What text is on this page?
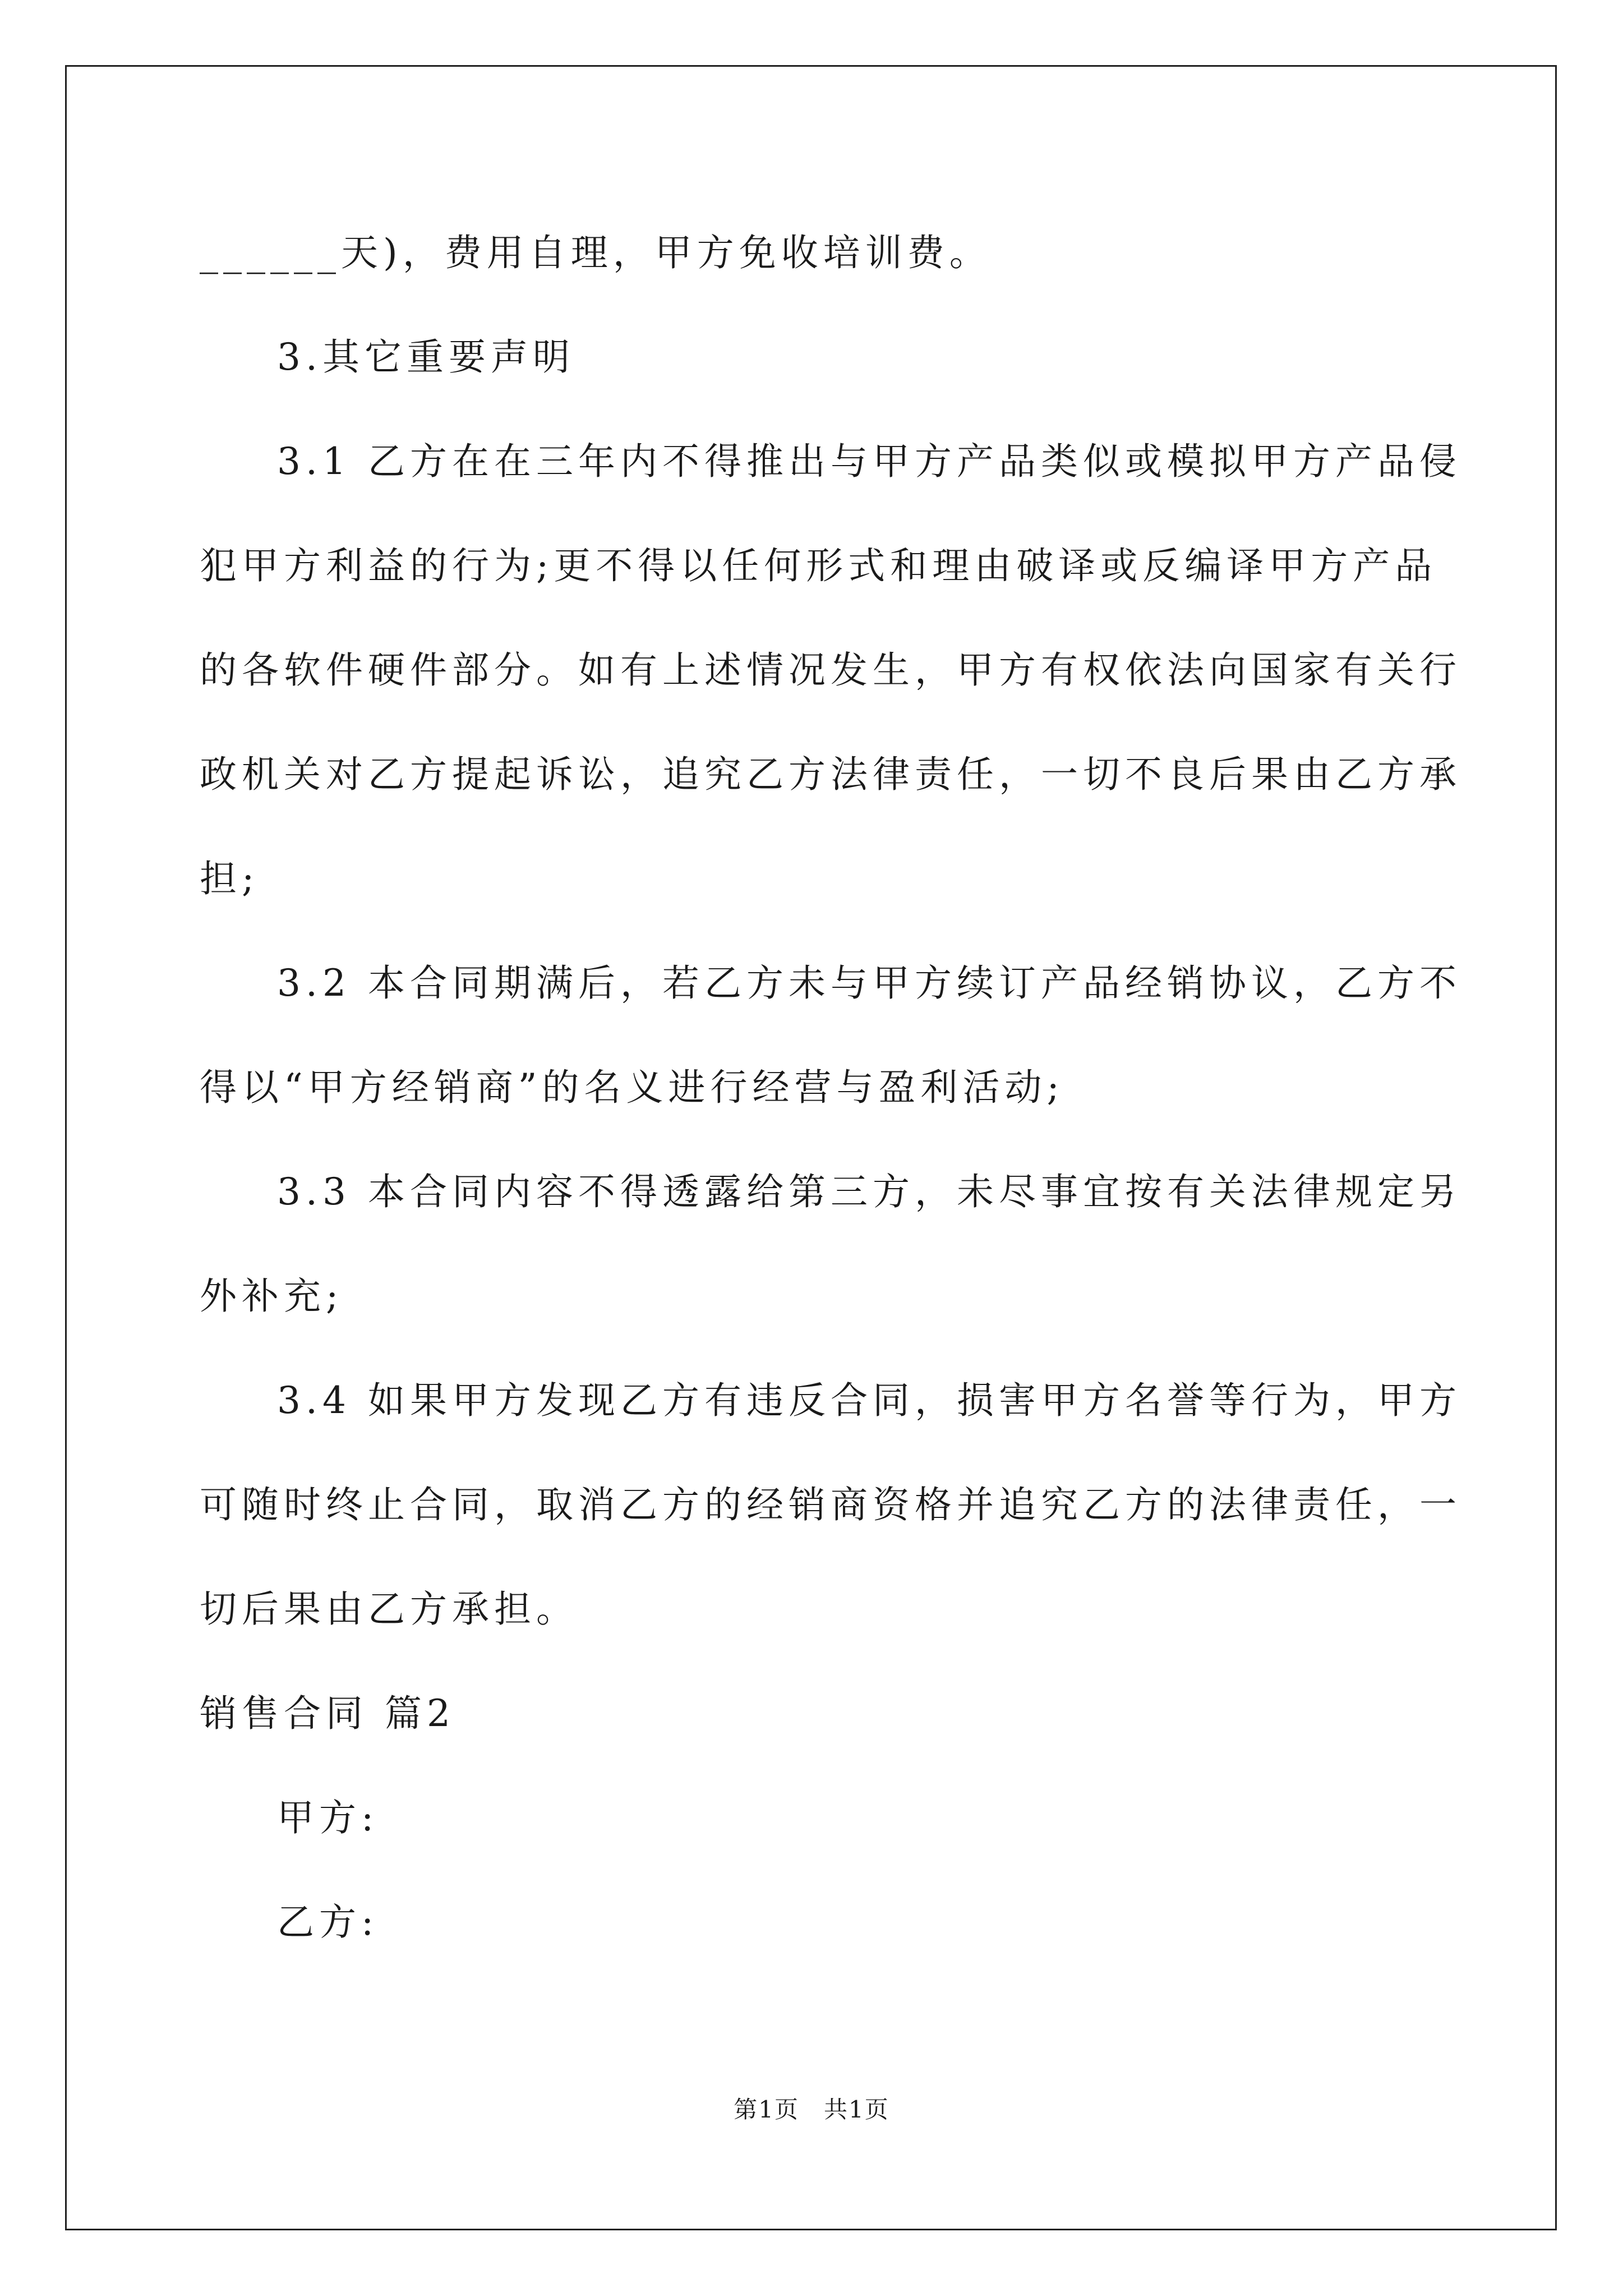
______天)，费用自理，甲方免收培训费。
3.其它重要声明
3.1 乙方在在三年内不得推出与甲方产品类似或模拟甲方产品侵
犯甲方利益的行为;更不得以任何形式和理由破译或反编译甲方产品
的各软件硬件部分。如有上述情况发生，甲方有权依法向国家有关行
政机关对乙方提起诉讼，追究乙方法律责任，一切不良后果由乙方承
担;
3.2 本合同期满后，若乙方未与甲方续订产品经销协议，乙方不
得以“甲方经销商”的名义进行经营与盈利活动;
3.3 本合同内容不得透露给第三方，未尽事宜按有关法律规定另
外补充;
3.4 如果甲方发现乙方有违反合同，损害甲方名誉等行为，甲方
可随时终止合同，取消乙方的经销商资格并追究乙方的法律责任，一
切后果由乙方承担。
销售合同 篇2
甲方:
乙方:
第1页　共1页
